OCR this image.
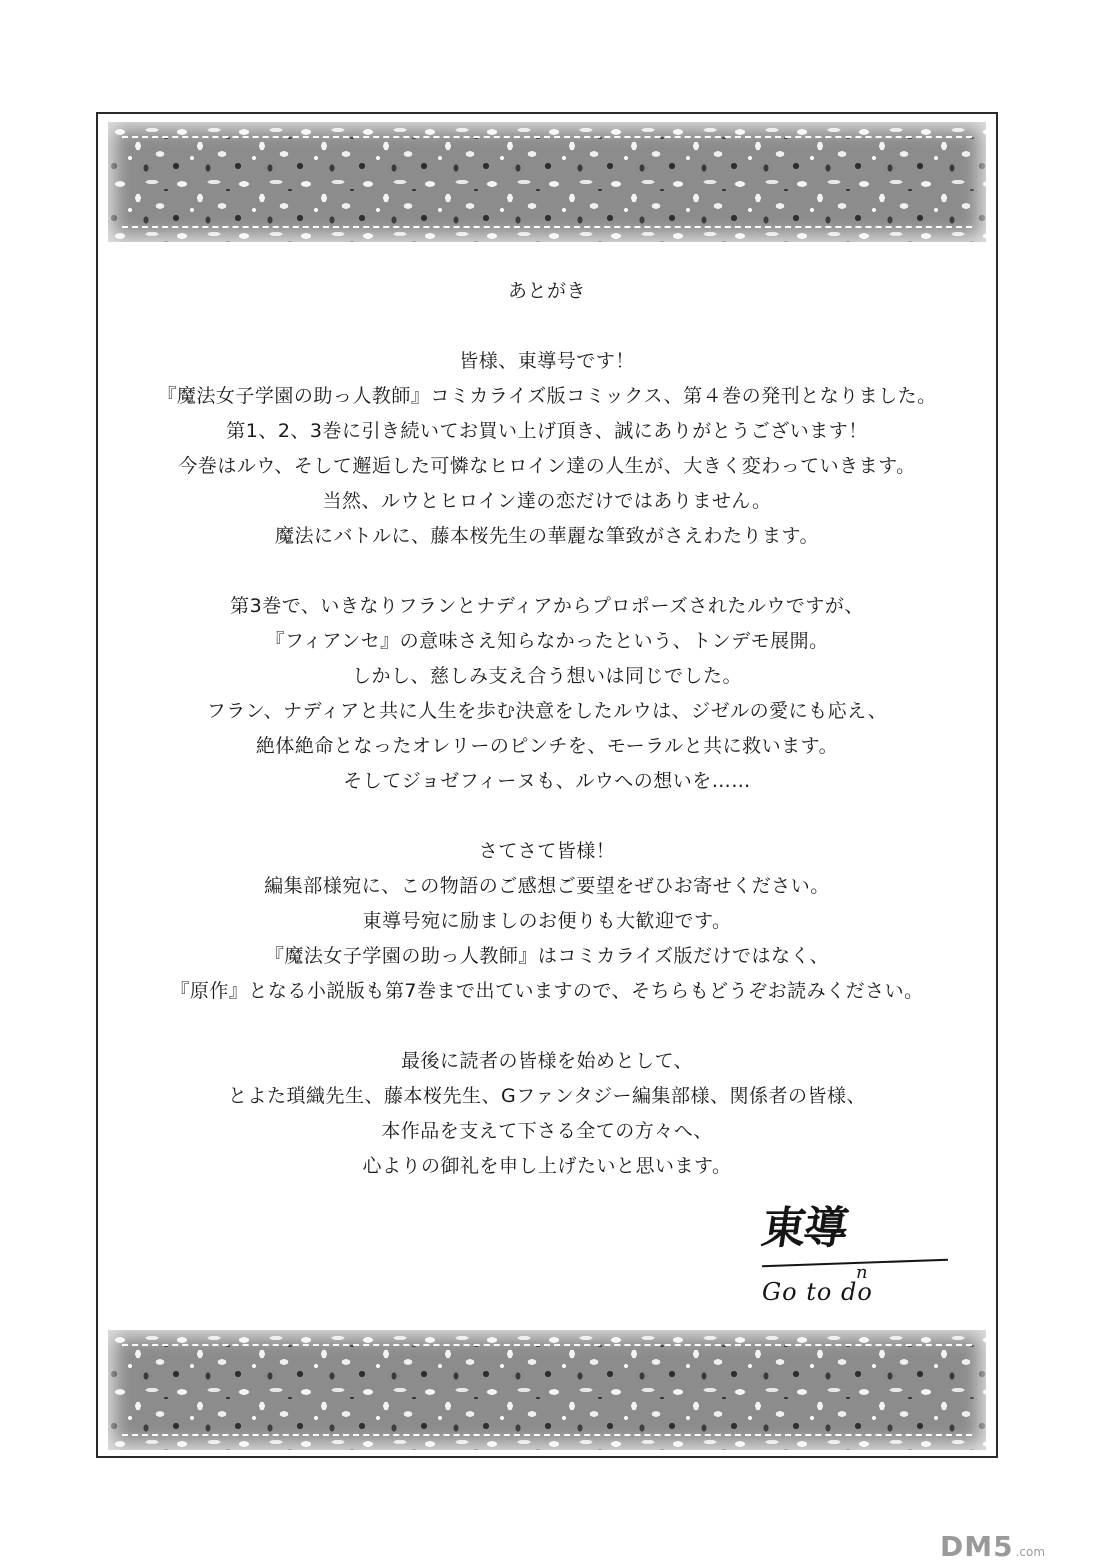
あとがき

皆様、東導号です！

『魔法女子学園の助っ人教師』コミカライズ版コミックス、第４巻の発刊となりました。

第1、2、3巻に引き続いてお買い上げ頂き、誠にありがとうございます！

今巻はルウ、そして邂逅した可憐なヒロイン達の人生が、大きく変わっていきます。

当然、ルウとヒロイン達の恋だけではありません。

魔法にバトルに、藤本桜先生の華麗な筆致がさえわたります。

第3巻で、いきなりフランとナディアからプロポーズされたルウですが、

『フィアンセ』の意味さえ知らなかったという、トンデモ展開。

しかし、慈しみ支え合う想いは同じでした。

フラン、ナディアと共に人生を歩む決意をしたルウは、ジゼルの愛にも応え、

絶体絶命となったオレリーのピンチを、モーラルと共に救います。

そしてジョゼフィーヌも、ルウへの想いを……

さてさて皆様！

編集部様宛に、この物語のご感想ご要望をぜひお寄せください。

東導号宛に励ましのお便りも大歓迎です。

『魔法女子学園の助っ人教師』はコミカライズ版だけではなく、

『原作』となる小説版も第7巻まで出ていますので、そちらもどうぞお読みください。

最後に読者の皆様を始めとして、

とよた瑣織先生、藤本桜先生、Gファンタジー編集部様、関係者の皆様、

本作品を支えて下さる全ての方々へ、

心よりの御礼を申し上げたいと思います。

東導
n
Go to do
DM5 .com
